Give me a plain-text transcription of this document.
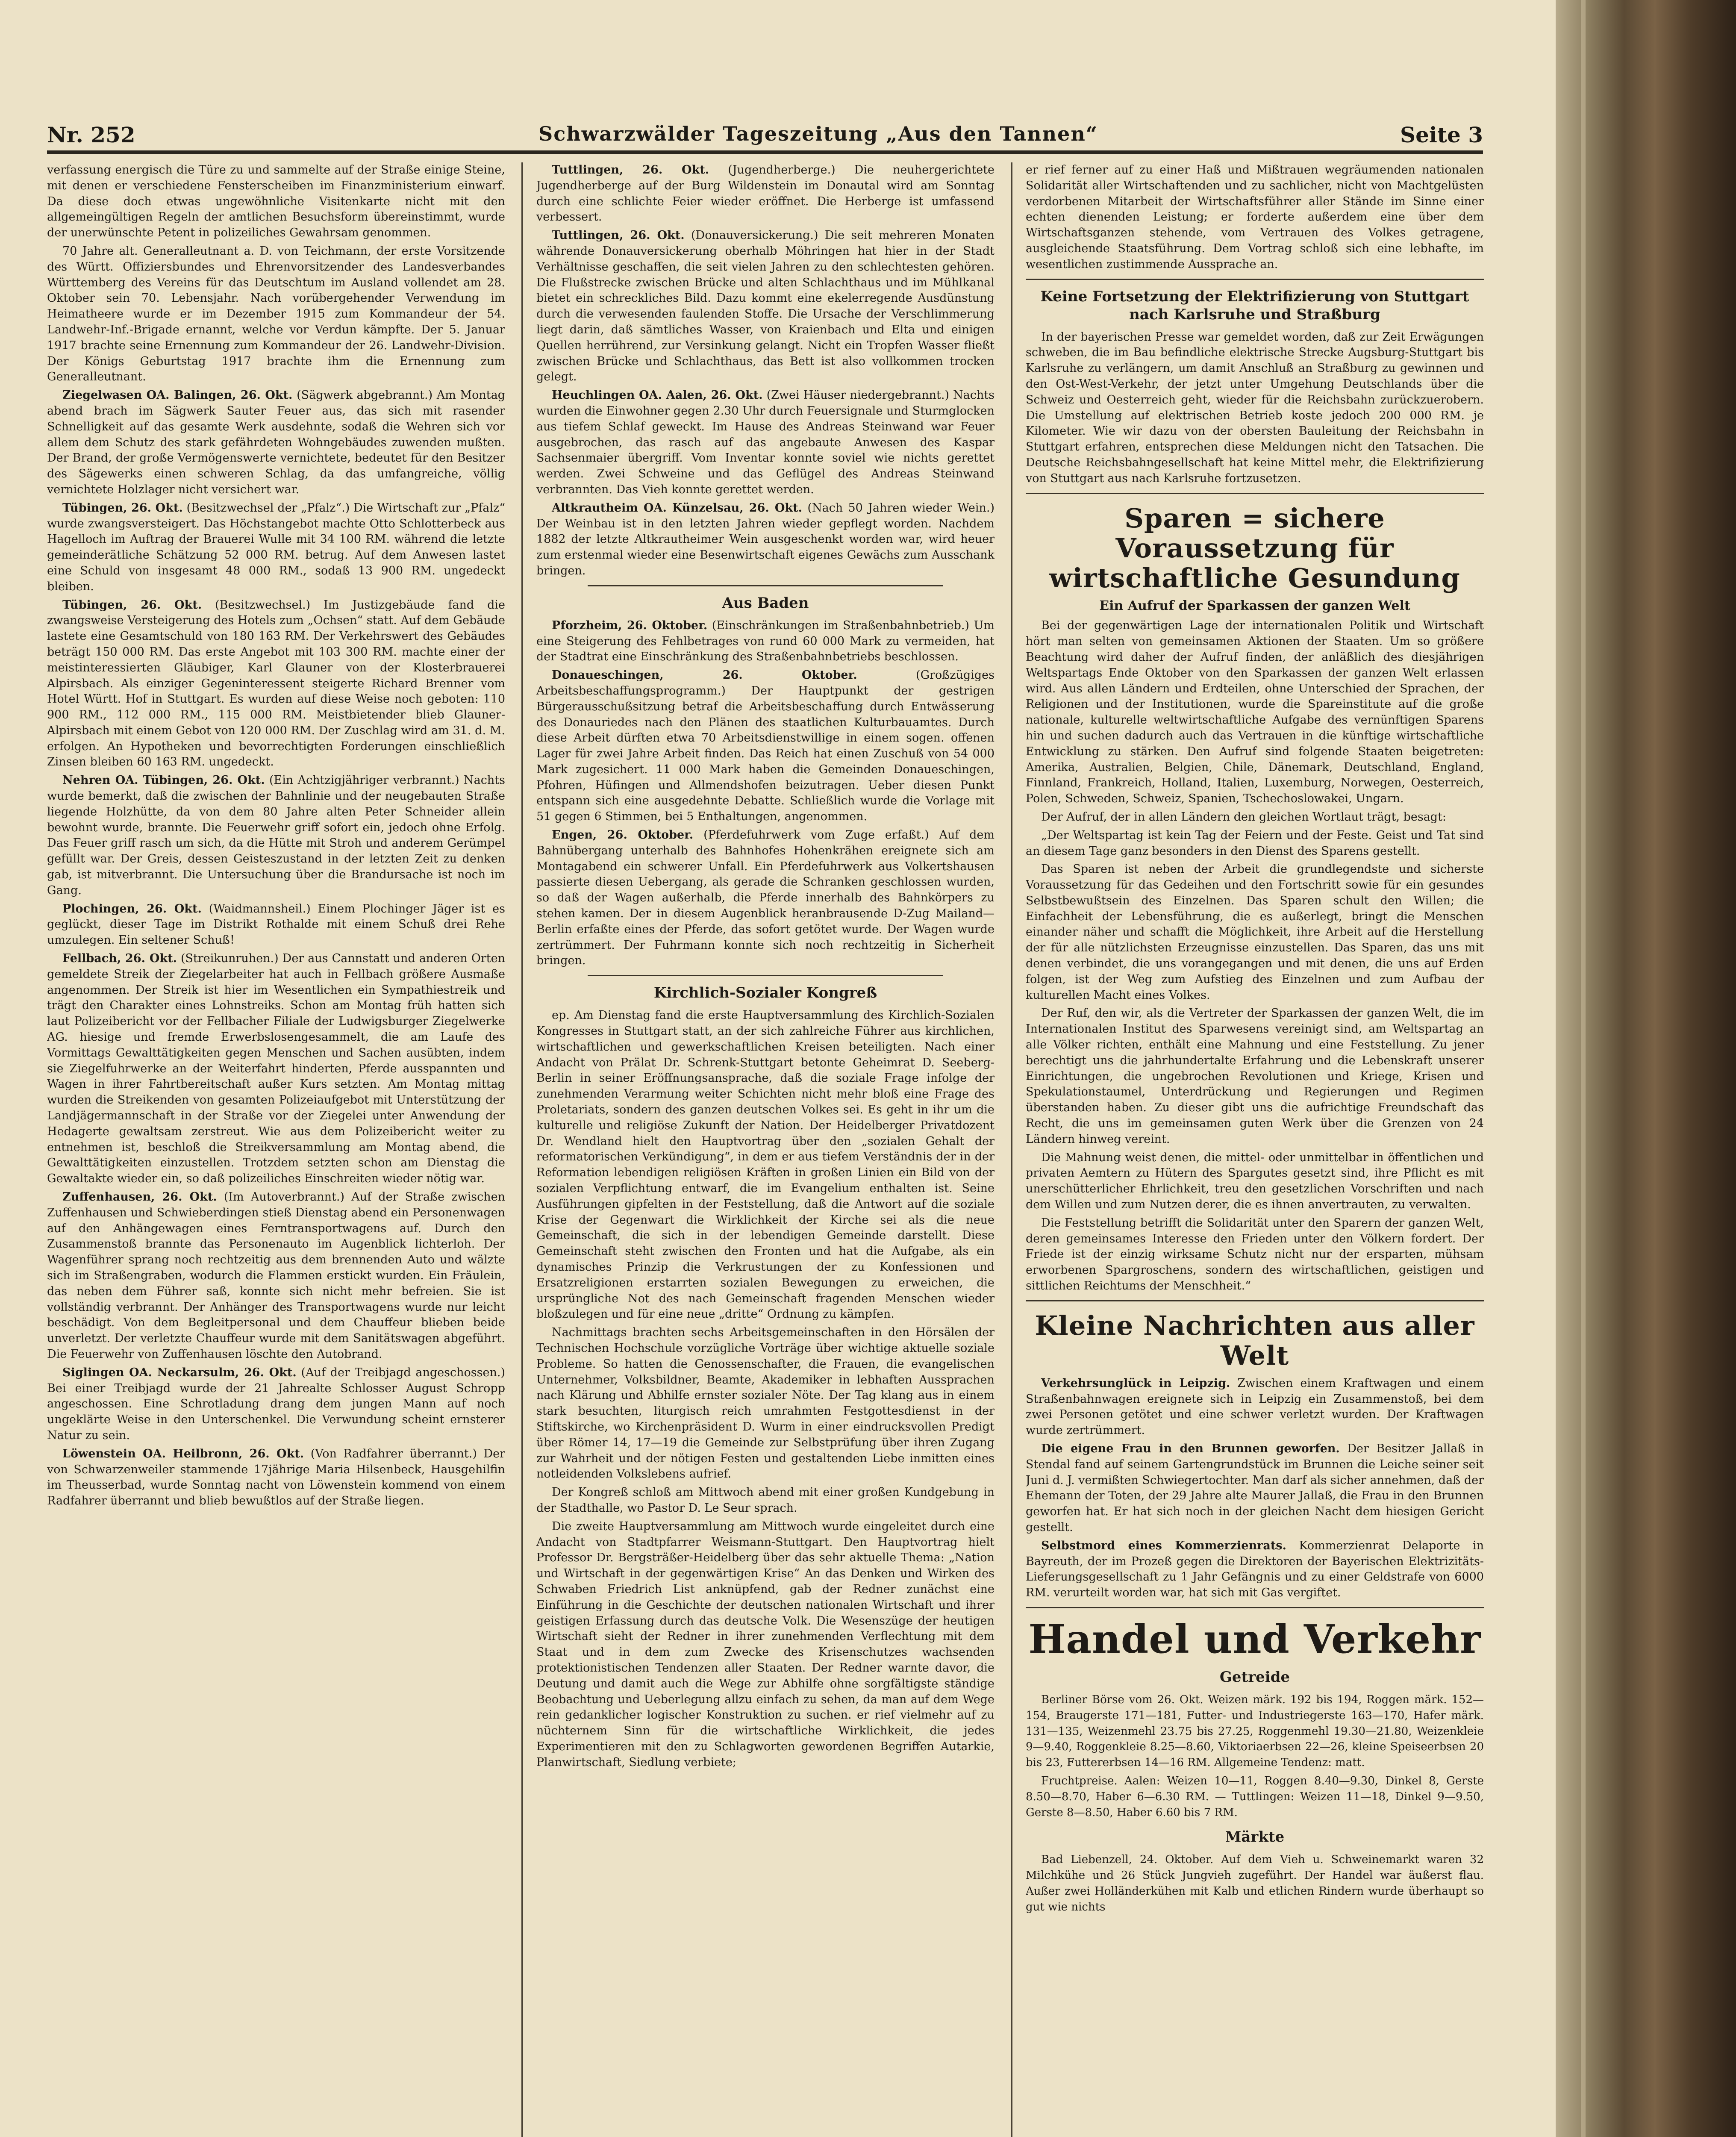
Nr. 252	Schwarzwälder Tageszeitung „Aus den Tannen“	Seite 3

verfassung energisch die Türe zu und sammelte auf der Straße einige Steine, mit denen er verschiedene Fensterscheiben im Finanzministerium einwarf. Da diese doch etwas ungewöhnliche Visitenkarte nicht mit den allgemeingültigen Regeln der amtlichen Besuchsform übereinstimmt, wurde der unerwünschte Petent in polizeiliches Gewahrsam genommen.

70 Jahre alt. Generalleutnant a. D. von Teichmann, der erste Vorsitzende des Württ. Offiziersbundes und Ehrenvorsitzender des Landesverbandes Württemberg des Vereins für das Deutschtum im Ausland vollendet am 28. Oktober sein 70. Lebensjahr. Nach vorübergehender Verwendung im Heimatheere wurde er im Dezember 1915 zum Kommandeur der 54. Landwehr-Inf.-Brigade ernannt, welche vor Verdun kämpfte. Der 5. Januar 1917 brachte seine Ernennung zum Kommandeur der 26. Landwehr-Division. Der Königs Geburtstag 1917 brachte ihm die Ernennung zum Generalleutnant.

Ziegelwasen OA. Balingen, 26. Okt. (Sägwerk abgebrannt.) Am Montag abend brach im Sägwerk Sauter Feuer aus, das sich mit rasender Schnelligkeit auf das gesamte Werk ausdehnte, sodaß die Wehren sich vor allem dem Schutz des stark gefährdeten Wohngebäudes zuwenden mußten. Der Brand, der große Vermögenswerte vernichtete, bedeutet für den Besitzer des Sägewerks einen schweren Schlag, da das umfangreiche, völlig vernichtete Holzlager nicht versichert war.

Tübingen, 26. Okt. (Besitzwechsel der „Pfalz“.) Die Wirtschaft zur „Pfalz“ wurde zwangsversteigert. Das Höchstangebot machte Otto Schlotterbeck aus Hagelloch im Auftrag der Brauerei Wulle mit 34 100 RM. während die letzte gemeinderätliche Schätzung 52 000 RM. betrug. Auf dem Anwesen lastet eine Schuld von insgesamt 48 000 RM., sodaß 13 900 RM. ungedeckt bleiben.

Tübingen, 26. Okt. (Besitzwechsel.) Im Justizgebäude fand die zwangsweise Versteigerung des Hotels zum „Ochsen“ statt. Auf dem Gebäude lastete eine Gesamtschuld von 180 163 RM. Der Verkehrswert des Gebäudes beträgt 150 000 RM. Das erste Angebot mit 103 300 RM. machte einer der meistinteressierten Gläubiger, Karl Glauner von der Klosterbrauerei Alpirsbach. Als einziger Gegeninteressent steigerte Richard Brenner vom Hotel Württ. Hof in Stuttgart. Es wurden auf diese Weise noch geboten: 110 900 RM., 112 000 RM., 115 000 RM. Meistbietender blieb Glauner-Alpirsbach mit einem Gebot von 120 000 RM. Der Zuschlag wird am 31. d. M. erfolgen. An Hypotheken und bevorrechtigten Forderungen einschließlich Zinsen bleiben 60 163 RM. ungedeckt.

Nehren OA. Tübingen, 26. Okt. (Ein Achtzigjähriger verbrannt.) Nachts wurde bemerkt, daß die zwischen der Bahnlinie und der neugebauten Straße liegende Holzhütte, da von dem 80 Jahre alten Peter Schneider allein bewohnt wurde, brannte. Die Feuerwehr griff sofort ein, jedoch ohne Erfolg. Das Feuer griff rasch um sich, da die Hütte mit Stroh und anderem Gerümpel gefüllt war. Der Greis, dessen Geisteszustand in der letzten Zeit zu denken gab, ist mitverbrannt. Die Untersuchung über die Brandursache ist noch im Gang.

Plochingen, 26. Okt. (Waidmannsheil.) Einem Plochinger Jäger ist es geglückt, dieser Tage im Distrikt Rothalde mit einem Schuß drei Rehe umzulegen. Ein seltener Schuß!

Fellbach, 26. Okt. (Streikunruhen.) Der aus Cannstatt und anderen Orten gemeldete Streik der Ziegelarbeiter hat auch in Fellbach größere Ausmaße angenommen. Der Streik ist hier im Wesentlichen ein Sympathiestreik und trägt den Charakter eines Lohnstreiks. Schon am Montag früh hatten sich laut Polizeibericht vor der Fellbacher Filiale der Ludwigsburger Ziegelwerke AG. hiesige und fremde Erwerbslosengesammelt, die am Laufe des Vormittags Gewalttätigkeiten gegen Menschen und Sachen ausübten, indem sie Ziegelfuhrwerke an der Weiterfahrt hinderten, Pferde ausspannten und Wagen in ihrer Fahrtbereitschaft außer Kurs setzten. Am Montag mittag wurden die Streikenden von gesamten Polizeiaufgebot mit Unterstützung der Landjägermannschaft in der Straße vor der Ziegelei unter Anwendung der Hedagerte gewaltsam zerstreut. Wie aus dem Polizeibericht weiter zu entnehmen ist, beschloß die Streikversammlung am Montag abend, die Gewalttätigkeiten einzustellen. Trotzdem setzten schon am Dienstag die Gewaltakte wieder ein, so daß polizeiliches Einschreiten wieder nötig war.

Zuffenhausen, 26. Okt. (Im Autoverbrannt.) Auf der Straße zwischen Zuffenhausen und Schwieberdingen stieß Dienstag abend ein Personenwagen auf den Anhängewagen eines Ferntransportwagens auf. Durch den Zusammenstoß brannte das Personenauto im Augenblick lichterloh. Der Wagenführer sprang noch rechtzeitig aus dem brennenden Auto und wälzte sich im Straßengraben, wodurch die Flammen erstickt wurden. Ein Fräulein, das neben dem Führer saß, konnte sich nicht mehr befreien. Sie ist vollständig verbrannt. Der Anhänger des Transportwagens wurde nur leicht beschädigt. Von dem Begleitpersonal und dem Chauffeur blieben beide unverletzt. Der verletzte Chauffeur wurde mit dem Sanitätswagen abgeführt. Die Feuerwehr von Zuffenhausen löschte den Autobrand.

Siglingen OA. Neckarsulm, 26. Okt. (Auf der Treibjagd angeschossen.) Bei einer Treibjagd wurde der 21 Jahrealte Schlosser August Schropp angeschossen. Eine Schrotladung drang dem jungen Mann auf noch ungeklärte Weise in den Unterschenkel. Die Verwundung scheint ernsterer Natur zu sein.

Löwenstein OA. Heilbronn, 26. Okt. (Von Radfahrer überrannt.) Der von Schwarzenweiler stammende 17jährige Maria Hilsenbeck, Hausgehilfin im Theusserbad, wurde Sonntag nacht von Löwenstein kommend von einem Radfahrer überrannt und blieb bewußtlos auf der Straße liegen.

Tuttlingen, 26. Okt. (Jugendherberge.) Die neuhergerichtete Jugendherberge auf der Burg Wildenstein im Donautal wird am Sonntag durch eine schlichte Feier wieder eröffnet. Die Herberge ist umfassend verbessert.

Tuttlingen, 26. Okt. (Donauversickerung.) Die seit mehreren Monaten währende Donauversickerung oberhalb Möhringen hat hier in der Stadt Verhältnisse geschaffen, die seit vielen Jahren zu den schlechtesten gehören. Die Flußstrecke zwischen Brücke und alten Schlachthaus und im Mühlkanal bietet ein schreckliches Bild. Dazu kommt eine ekelerregende Ausdünstung durch die verwesenden faulenden Stoffe. Die Ursache der Verschlimmerung liegt darin, daß sämtliches Wasser, von Kraienbach und Elta und einigen Quellen herrührend, zur Versinkung gelangt. Nicht ein Tropfen Wasser fließt zwischen Brücke und Schlachthaus, das Bett ist also vollkommen trocken gelegt.

Heuchlingen OA. Aalen, 26. Okt. (Zwei Häuser niedergebrannt.) Nachts wurden die Einwohner gegen 2.30 Uhr durch Feuersignale und Sturmglocken aus tiefem Schlaf geweckt. Im Hause des Andreas Steinwand war Feuer ausgebrochen, das rasch auf das angebaute Anwesen des Kaspar Sachsenmaier übergriff. Vom Inventar konnte soviel wie nichts gerettet werden. Zwei Schweine und das Geflügel des Andreas Steinwand verbrannten. Das Vieh konnte gerettet werden.

Altkrautheim OA. Künzelsau, 26. Okt. (Nach 50 Jahren wieder Wein.) Der Weinbau ist in den letzten Jahren wieder gepflegt worden. Nachdem 1882 der letzte Altkrautheimer Wein ausgeschenkt worden war, wird heuer zum erstenmal wieder eine Besenwirtschaft eigenes Gewächs zum Ausschank bringen.

Aus Baden

Pforzheim, 26. Oktober. (Einschränkungen im Straßenbahnbetrieb.) Um eine Steigerung des Fehlbetrages von rund 60 000 Mark zu vermeiden, hat der Stadtrat eine Einschränkung des Straßenbahnbetriebs beschlossen.

Donaueschingen, 26. Oktober.	(Großzügiges Arbeitsbeschaffungsprogramm.) Der Hauptpunkt der gestrigen Bürgerausschußsitzung betraf die Arbeitsbeschaffung durch Entwässerung des Donauriedes nach den Plänen des staatlichen Kulturbauamtes. Durch diese Arbeit dürften etwa 70 Arbeitsdienstwillige in einem sogen. offenen Lager für zwei Jahre Arbeit finden. Das Reich hat einen Zuschuß von 54 000 Mark zugesichert. 11 000 Mark haben die Gemeinden Donaueschingen, Pfohren, Hüfingen und Allmendshofen beizutragen. Ueber diesen Punkt entspann sich eine ausgedehnte Debatte. Schließlich wurde die Vorlage mit 51 gegen 6 Stimmen, bei 5 Enthaltungen, angenommen.

Engen, 26. Oktober. (Pferdefuhrwerk vom Zuge erfaßt.) Auf dem Bahnübergang unterhalb des Bahnhofes Hohenkrähen ereignete sich am Montagabend ein schwerer Unfall. Ein Pferdefuhrwerk aus Volkertshausen passierte diesen Uebergang, als gerade die Schranken geschlossen wurden, so daß der Wagen außerhalb, die Pferde innerhalb des Bahnkörpers zu stehen kamen. Der in diesem Augenblick heranbrausende D-Zug Mailand—Berlin erfaßte eines der Pferde, das sofort getötet wurde. Der Wagen wurde zertrümmert. Der Fuhrmann konnte sich noch rechtzeitig in Sicherheit bringen.

Kirchlich-Sozialer Kongreß

ep. Am Dienstag fand die erste Hauptversammlung des Kirchlich-Sozialen Kongresses in Stuttgart statt, an der sich zahlreiche Führer aus kirchlichen, wirtschaftlichen und gewerkschaftlichen Kreisen beteiligten. Nach einer Andacht von Prälat Dr. Schrenk-Stuttgart betonte Geheimrat D. Seeberg-Berlin in seiner Eröffnungsansprache, daß die soziale Frage infolge der zunehmenden Verarmung weiter Schichten nicht mehr bloß eine Frage des Proletariats, sondern des ganzen deutschen Volkes sei. Es geht in ihr um die kulturelle und religiöse Zukunft der Nation. Der Heidelberger Privatdozent Dr. Wendland hielt den Hauptvortrag über den „sozialen Gehalt der reformatorischen Verkündigung“, in dem er aus tiefem Verständnis der in der Reformation lebendigen religiösen Kräften in großen Linien ein Bild von der sozialen Verpflichtung entwarf, die im Evangelium enthalten ist. Seine Ausführungen gipfelten in der Feststellung, daß die Antwort auf die soziale Krise der Gegenwart die Wirklichkeit der Kirche sei als die neue Gemeinschaft, die sich in der lebendigen Gemeinde darstellt. Diese Gemeinschaft steht zwischen den Fronten und hat die Aufgabe, als ein dynamisches Prinzip die Verkrustungen der zu Konfessionen und Ersatzreligionen erstarrten sozialen Bewegungen zu erweichen, die ursprüngliche Not des nach Gemeinschaft fragenden Menschen wieder bloßzulegen und für eine neue „dritte“ Ordnung zu kämpfen.

Nachmittags brachten sechs Arbeitsgemeinschaften in den Hörsälen der Technischen Hochschule vorzügliche Vorträge über wichtige aktuelle soziale Probleme. So hatten die Genossenschafter, die Frauen, die evangelischen Unternehmer, Volksbildner, Beamte, Akademiker in lebhaften Aussprachen nach Klärung und Abhilfe ernster sozialer Nöte. Der Tag klang aus in einem stark besuchten, liturgisch reich umrahmten Festgottesdienst in der Stiftskirche, wo Kirchenpräsident D. Wurm in einer eindrucksvollen Predigt über Römer 14, 17—19 die Gemeinde zur Selbstprüfung über ihren Zugang zur Wahrheit und der nötigen Festen und gestaltenden Liebe inmitten eines notleidenden Volkslebens aufrief.

Der Kongreß schloß am Mittwoch abend mit einer großen Kundgebung in der Stadthalle, wo Pastor D. Le Seur sprach.

Die zweite Hauptversammlung am Mittwoch wurde eingeleitet durch eine Andacht von Stadtpfarrer Weismann-Stuttgart. Den Hauptvortrag hielt Professor Dr. Bergsträßer-Heidelberg über das sehr aktuelle Thema: „Nation und Wirtschaft in der gegenwärtigen Krise“ An das Denken und Wirken des Schwaben Friedrich List anknüpfend, gab der Redner zunächst eine Einführung in die Geschichte der deutschen nationalen Wirtschaft und ihrer geistigen Erfassung durch das deutsche Volk. Die Wesenszüge der heutigen Wirtschaft sieht der Redner in ihrer zunehmenden Verflechtung mit dem Staat und in dem zum Zwecke des Krisenschutzes wachsenden protektionistischen Tendenzen aller Staaten. Der Redner warnte davor, die Deutung und damit auch die Wege zur Abhilfe ohne sorgfältigste ständige Beobachtung und Ueberlegung allzu einfach zu sehen, da man auf dem Wege rein gedanklicher logischer Konstruktion zu suchen. er rief vielmehr auf zu nüchternem Sinn für die wirtschaftliche Wirklichkeit, die jedes Experimentieren mit den zu Schlagworten gewordenen Begriffen Autarkie, Planwirtschaft, Siedlung verbiete;

er rief ferner auf zu einer Haß und Mißtrauen wegräumenden nationalen Solidarität aller Wirtschaftenden und zu sachlicher, nicht von Machtgelüsten verdorbenen Mitarbeit der Wirtschaftsführer aller Stände im Sinne einer echten dienenden Leistung; er forderte außerdem eine über dem Wirtschaftsganzen stehende, vom Vertrauen des Volkes getragene, ausgleichende Staatsführung. Dem Vortrag schloß sich eine lebhafte, im wesentlichen zustimmende Aussprache an.

Keine Fortsetzung der Elektrifizierung von Stuttgart nach Karlsruhe und Straßburg

In der bayerischen Presse war gemeldet worden, daß zur Zeit Erwägungen schweben, die im Bau befindliche elektrische Strecke Augsburg-Stuttgart bis Karlsruhe zu verlängern, um damit Anschluß an Straßburg zu gewinnen und den Ost-West-Verkehr, der jetzt unter Umgehung Deutschlands über die Schweiz und Oesterreich geht, wieder für die Reichsbahn zurückzuerobern. Die Umstellung auf elektrischen Betrieb koste jedoch 200 000 RM. je Kilometer. Wie wir dazu von der obersten Bauleitung der Reichsbahn in Stuttgart erfahren, entsprechen diese Meldungen nicht den Tatsachen. Die Deutsche Reichsbahngesellschaft hat keine Mittel mehr, die Elektrifizierung von Stuttgart aus nach Karlsruhe fortzusetzen.

Sparen = sichere Voraussetzung für wirtschaftliche Gesundung
Ein Aufruf der Sparkassen der ganzen Welt

Bei der gegenwärtigen Lage der internationalen Politik und Wirtschaft hört man selten von gemeinsamen Aktionen der Staaten. Um so größere Beachtung wird daher der Aufruf finden, der anläßlich des diesjährigen Weltspartags Ende Oktober von den Sparkassen der ganzen Welt erlassen wird. Aus allen Ländern und Erdteilen, ohne Unterschied der Sprachen, der Religionen und der Institutionen, wurde die Spareinstitute auf die große nationale, kulturelle weltwirtschaftliche Aufgabe des vernünftigen Sparens hin und suchen dadurch auch das Vertrauen in die künftige wirtschaftliche Entwicklung zu stärken. Den Aufruf sind folgende Staaten beigetreten: Amerika, Australien, Belgien, Chile, Dänemark, Deutschland, England, Finnland, Frankreich, Holland, Italien, Luxemburg, Norwegen, Oesterreich, Polen, Schweden, Schweiz, Spanien, Tschechoslowakei, Ungarn.

Der Aufruf, der in allen Ländern den gleichen Wortlaut trägt, besagt:

„Der Weltspartag ist kein Tag der Feiern und der Feste. Geist und Tat sind an diesem Tage ganz besonders in den Dienst des Sparens gestellt.

Das Sparen ist neben der Arbeit die grundlegendste und sicherste Voraussetzung für das Gedeihen und den Fortschritt sowie für ein gesundes Selbstbewußtsein des Einzelnen. Das Sparen schult den Willen; die Einfachheit der Lebensführung, die es außerlegt, bringt die Menschen einander näher und schafft die Möglichkeit, ihre Arbeit auf die Herstellung der für alle nützlichsten Erzeugnisse einzustellen. Das Sparen, das uns mit denen verbindet, die uns vorangegangen und mit denen, die uns auf Erden folgen, ist der Weg zum Aufstieg des Einzelnen und zum Aufbau der kulturellen Macht eines Volkes.

Der Ruf, den wir, als die Vertreter der Sparkassen der ganzen Welt, die im Internationalen Institut des Sparwesens vereinigt sind, am Weltspartag an alle Völker richten, enthält eine Mahnung und eine Feststellung. Zu jener berechtigt uns die jahrhundertalte Erfahrung und die Lebenskraft unserer Einrichtungen, die ungebrochen Revolutionen und Kriege, Krisen und Spekulationstaumel, Unterdrückung und Regierungen und Regimen überstanden haben. Zu dieser gibt uns die aufrichtige Freundschaft das Recht, die uns im gemeinsamen guten Werk über die Grenzen von 24 Ländern hinweg vereint.

Die Mahnung weist denen, die mittel- oder unmittelbar in öffentlichen und privaten Aemtern zu Hütern des Spargutes gesetzt sind, ihre Pflicht es mit unerschütterlicher Ehrlichkeit, treu den gesetzlichen Vorschriften und nach dem Willen und zum Nutzen derer, die es ihnen anvertrauten, zu verwalten.

Die Feststellung betrifft die Solidarität unter den Sparern der ganzen Welt, deren gemeinsames Interesse den Frieden unter den Völkern fordert. Der Friede ist der einzig wirksame Schutz nicht nur der ersparten, mühsam erworbenen Spargroschens, sondern des wirtschaftlichen, geistigen und sittlichen Reichtums der Menschheit.“

Kleine Nachrichten aus aller Welt

Verkehrsunglück in Leipzig. Zwischen einem Kraftwagen und einem Straßenbahnwagen ereignete sich in Leipzig ein Zusammenstoß, bei dem zwei Personen getötet und eine schwer verletzt wurden. Der Kraftwagen wurde zertrümmert.

Die eigene Frau in den Brunnen geworfen. Der Besitzer Jallaß in Stendal fand auf seinem Gartengrundstück im Brunnen die Leiche seiner seit Juni d. J. vermißten Schwiegertochter. Man darf als sicher annehmen, daß der Ehemann der Toten, der 29 Jahre alte Maurer Jallaß, die Frau in den Brunnen geworfen hat. Er hat sich noch in der gleichen Nacht dem hiesigen Gericht gestellt.

Selbstmord eines Kommerzienrats. Kommerzienrat Delaporte in Bayreuth, der im Prozeß gegen die Direktoren der Bayerischen Elektrizitäts-Lieferungsgesellschaft zu 1 Jahr Gefängnis und zu einer Geldstrafe von 6000 RM. verurteilt worden war, hat sich mit Gas vergiftet.

Handel und Verkehr
Getreide

Berliner Börse vom 26. Okt. Weizen märk. 192 bis 194, Roggen märk. 152—154, Braugerste 171—181, Futter- und Industriegerste 163—170, Hafer märk. 131—135, Weizenmehl 23.75 bis 27.25, Roggenmehl 19.30—21.80, Weizenkleie 9—9.40, Roggenkleie 8.25—8.60, Viktoriaerbsen 22—26, kleine Speiseerbsen 20 bis 23, Futtererbsen 14—16 RM. Allgemeine Tendenz: matt.

Fruchtpreise. Aalen: Weizen 10—11, Roggen 8.40—9.30, Dinkel 8, Gerste 8.50—8.70, Haber 6—6.30 RM. — Tuttlingen: Weizen 11—18, Dinkel 9—9.50, Gerste 8—8.50, Haber 6.60 bis 7 RM.

Märkte

Bad Liebenzell, 24. Oktober. Auf dem Vieh u. Schweinemarkt waren 32 Milchkühe und 26 Stück Jungvieh zugeführt. Der Handel war äußerst flau. Außer zwei Holländerkühen mit Kalb und etlichen Rindern wurde überhaupt so gut wie nichts
